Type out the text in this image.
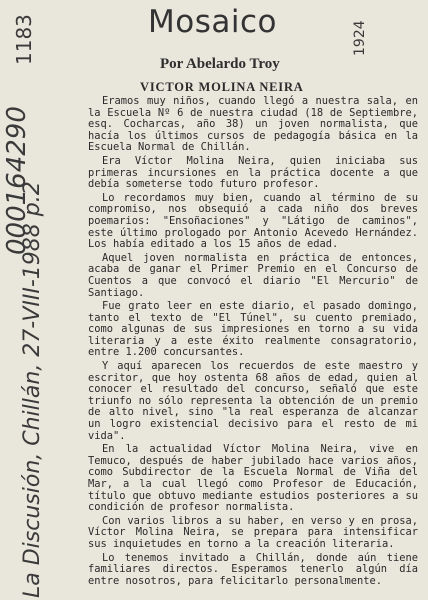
Mosaico
Por Abelardo Troy
VICTOR MOLINA NEIRA

Eramos muy niños, cuando llegó a nuestra sala, en la Escuela Nº 6 de nuestra ciudad (18 de Septiembre, esq. Cocharcas, año 38) un joven normalista, que hacía los últimos cursos de pedagogía básica en la Escuela Normal de Chillán.

Era Víctor Molina Neira, quien iniciaba sus primeras incursiones en la práctica docente a que debía someterse todo futuro profesor.

Lo recordamos muy bien, cuando al término de su compromiso, nos obsequió a cada niño dos breves poemarios: "Ensoñaciones" y "Látigo de caminos", este último prologado por Antonio Acevedo Hernández. Los había editado a los 15 años de edad.

Aquel joven normalista en práctica de entonces, acaba de ganar el Primer Premio en el Concurso de Cuentos a que convocó el diario "El Mercurio" de Santiago.

Fue grato leer en este diario, el pasado domingo, tanto el texto de "El Túnel", su cuento premiado, como algunas de sus impresiones en torno a su vida literaria y a este éxito realmente consagratorio, entre 1.200 concursantes.

Y aquí aparecen los recuerdos de este maestro y escritor, que hoy ostenta 68 años de edad, quien al conocer el resultado del concurso, señaló que este triunfo no sólo representa la obtención de un premio de alto nivel, sino "la real esperanza de alcanzar un logro existencial decisivo para el resto de mi vida".

En la actualidad Víctor Molina Neira, vive en Temuco, después de haber jubilado hace varios años, como Subdirector de la Escuela Normal de Viña del Mar, a la cual llegó como Profesor de Educación, título que obtuvo mediante estudios posteriores a su condición de profesor normalista.

Con varios libros a su haber, en verso y en prosa, Víctor Molina Neira, se prepara para intensificar sus inquietudes en torno a la creación literaria.

Lo tenemos invitado a Chillán, donde aún tiene familiares directos. Esperamos tenerlo algún día entre nosotros, para felicitarlo personalmente.

1183
000164290
1924
La Discusión, Chillán, 27-VIII-1988 p.2
